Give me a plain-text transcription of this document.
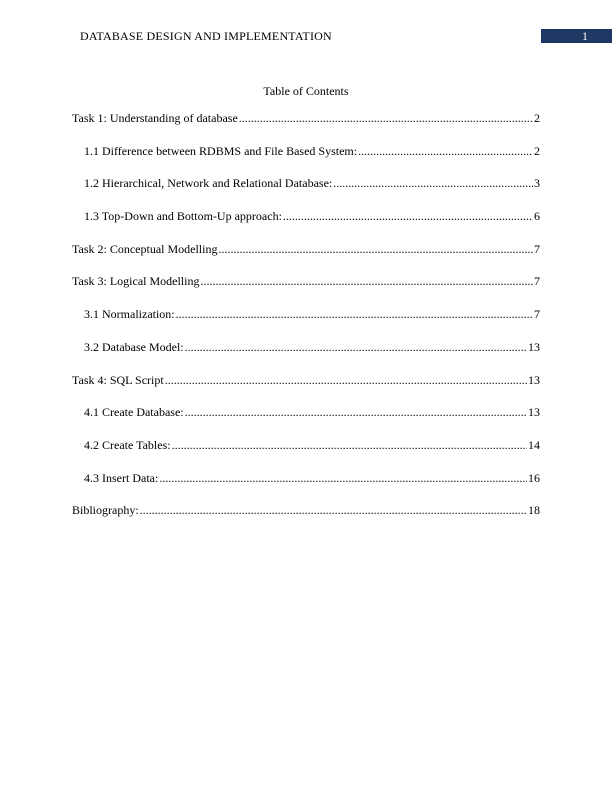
DATABASE DESIGN AND IMPLEMENTATION	1
Table of Contents
Task 1: Understanding of database .....	2
1.1 Difference between RDBMS and File Based System: .....	2
1.2 Hierarchical, Network and Relational Database: .....	3
1.3 Top-Down and Bottom-Up approach: .....	6
Task 2: Conceptual Modelling .....	7
Task 3: Logical Modelling .....	7
3.1 Normalization: .....	7
3.2 Database Model: .....	13
Task 4: SQL Script .....	13
4.1 Create Database: .....	13
4.2 Create Tables: .....	14
4.3 Insert Data: .....	16
Bibliography: .....	18
